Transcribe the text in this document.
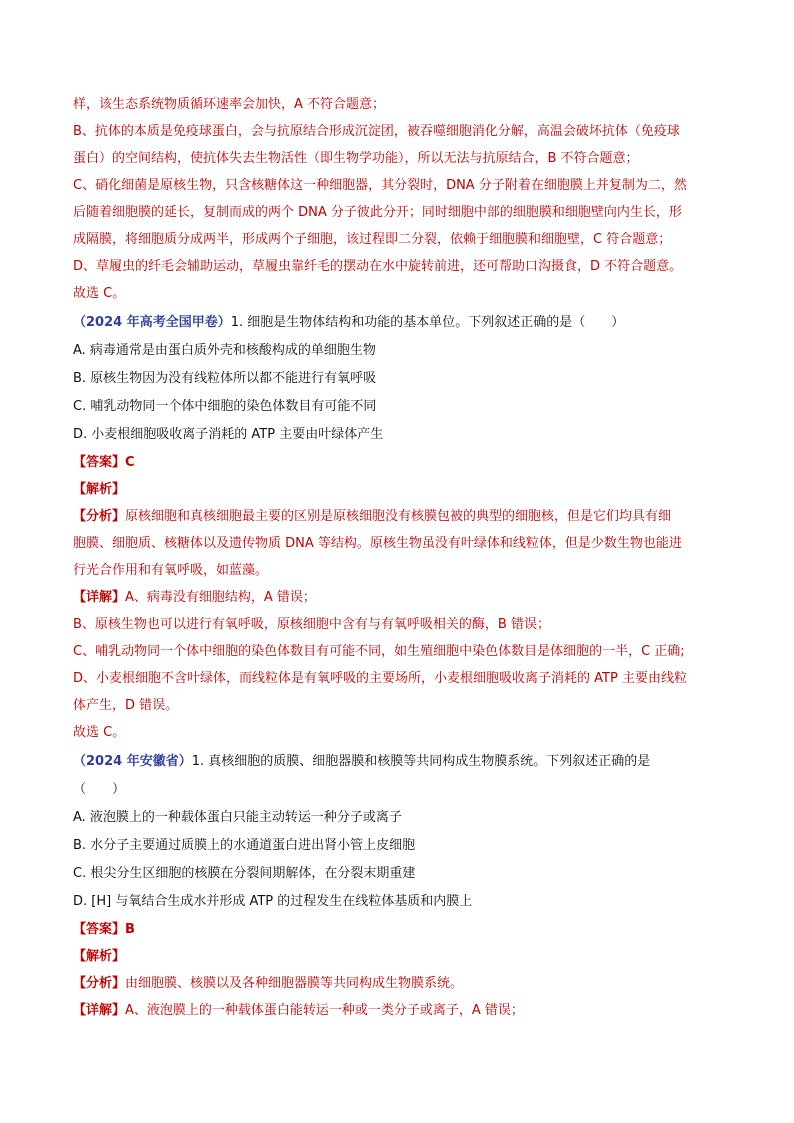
样，该生态系统物质循环速率会加快，A 不符合题意；
B、抗体的本质是免疫球蛋白，会与抗原结合形成沉淀团，被吞噬细胞消化分解，高温会破坏抗体（免疫球
蛋白）的空间结构，使抗体失去生物活性（即生物学功能），所以无法与抗原结合，B 不符合题意；
C、硝化细菌是原核生物，只含核糖体这一种细胞器，其分裂时，DNA 分子附着在细胞膜上并复制为二，然
后随着细胞膜的延长，复制而成的两个 DNA 分子彼此分开；同时细胞中部的细胞膜和细胞壁向内生长，形
成隔膜，将细胞质分成两半，形成两个子细胞，该过程即二分裂，依赖于细胞膜和细胞壁，C 符合题意；
D、草履虫的纤毛会辅助运动，草履虫靠纤毛的摆动在水中旋转前进，还可帮助口沟摄食，D 不符合题意。
故选 C。
（2024 年高考全国甲卷）1. 细胞是生物体结构和功能的基本单位。下列叙述正确的是（　　）
A. 病毒通常是由蛋白质外壳和核酸构成的单细胞生物
B. 原核生物因为没有线粒体所以都不能进行有氧呼吸
C. 哺乳动物同一个体中细胞的染色体数目有可能不同
D. 小麦根细胞吸收离子消耗的 ATP 主要由叶绿体产生
【答案】C
【解析】
【分析】原核细胞和真核细胞最主要的区别是原核细胞没有核膜包被的典型的细胞核，但是它们均具有细
胞膜、细胞质、核糖体以及遗传物质 DNA 等结构。原核生物虽没有叶绿体和线粒体，但是少数生物也能进
行光合作用和有氧呼吸，如蓝藻。
【详解】A、病毒没有细胞结构，A 错误；
B、原核生物也可以进行有氧呼吸，原核细胞中含有与有氧呼吸相关的酶，B 错误；
C、哺乳动物同一个体中细胞的染色体数目有可能不同，如生殖细胞中染色体数目是体细胞的一半，C 正确;
D、小麦根细胞不含叶绿体，而线粒体是有氧呼吸的主要场所，小麦根细胞吸收离子消耗的 ATP 主要由线粒
体产生，D 错误。
故选 C。
（2024 年安徽省）1. 真核细胞的质膜、细胞器膜和核膜等共同构成生物膜系统。下列叙述正确的是
（　　）
A. 液泡膜上的一种载体蛋白只能主动转运一种分子或离子
B. 水分子主要通过质膜上的水通道蛋白进出肾小管上皮细胞
C. 根尖分生区细胞的核膜在分裂间期解体，在分裂末期重建
D. [H] 与氧结合生成水并形成 ATP 的过程发生在线粒体基质和内膜上
【答案】B
【解析】
【分析】由细胞膜、核膜以及各种细胞器膜等共同构成生物膜系统。
【详解】A、液泡膜上的一种载体蛋白能转运一种或一类分子或离子，A 错误；
